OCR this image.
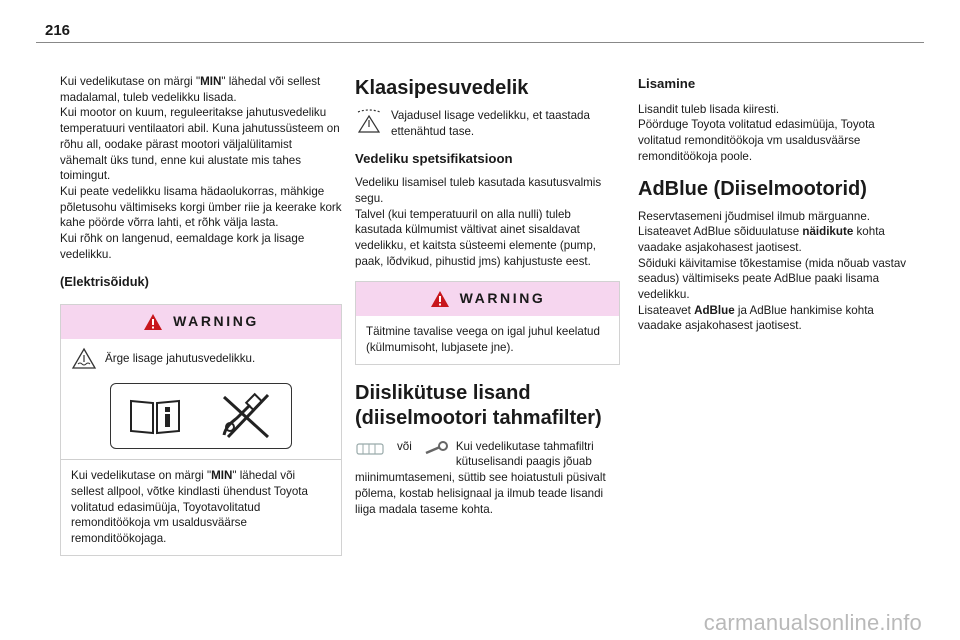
216

Kui vedelikutase on märgi "MIN" lähedal või sellest madalamal, tuleb vedelikku lisada.

Kui mootor on kuum, reguleeritakse jahutusvedeliku temperatuuri ventilaatori abil. Kuna jahutussüsteem on rõhu all, oodake pärast mootori väljalülitamist vähemalt üks tund, enne kui alustate mis tahes toimingut.

Kui peate vedelikku lisama hädaolukorras, mähkige põletusohu vältimiseks korgi ümber riie ja keerake kork kahe pöörde võrra lahti, et rõhk välja lasta.

Kui rõhk on langenud, eemaldage kork ja lisage vedelikku.

(Elektrisõiduk)

WARNING

Ärge lisage jahutusvedelikku.

Kui vedelikutase on märgi "MIN" lähedal või sellest allpool, võtke kindlasti ühendust Toyota volitatud edasimüüja, Toyotavolitatud remonditöökoja vm usaldusväärse remonditöökojaga.

Klaasipesuvedelik

Vajadusel lisage vedelikku, et taastada ettenähtud tase.

Vedeliku spetsifikatsioon

Vedeliku lisamisel tuleb kasutada kasutusvalmis segu.

Talvel (kui temperatuuril on alla nulli) tuleb kasutada külmumist vältivat ainet sisaldavat vedelikku, et kaitsta süsteemi elemente (pump, paak, lõdvikud, pihustid jms) kahjustuste eest.

WARNING

Täitmine tavalise veega on igal juhul keelatud (külmumisoht, lubjasete jne).

Diislikütuse lisand
(diiselmootori tahmafilter)
või	Kui vedelikutase tahmafiltri kütuselisandi paagis jõuab

miinimumtasemeni, süttib see hoiatustuli püsivalt põlema, kostab helisignaal ja ilmub teade lisandi liiga madala taseme kohta.

Lisamine

Lisandit tuleb lisada kiiresti.

Pöörduge Toyota volitatud edasimüüja, Toyota volitatud remonditöökoja vm usaldusväärse remonditöökoja poole.

AdBlue (Diiselmootorid)

Reservtasemeni jõudmisel ilmub märguanne.

Lisateavet AdBlue sõiduulatuse näidikute kohta vaadake asjakohasest jaotisest.

Sõiduki käivitamise tõkestamise (mida nõuab vastav seadus) vältimiseks peate AdBlue paaki lisama vedelikku.

Lisateavet AdBlue ja AdBlue hankimise kohta vaadake asjakohasest jaotisest.

carmanualsonline.info
